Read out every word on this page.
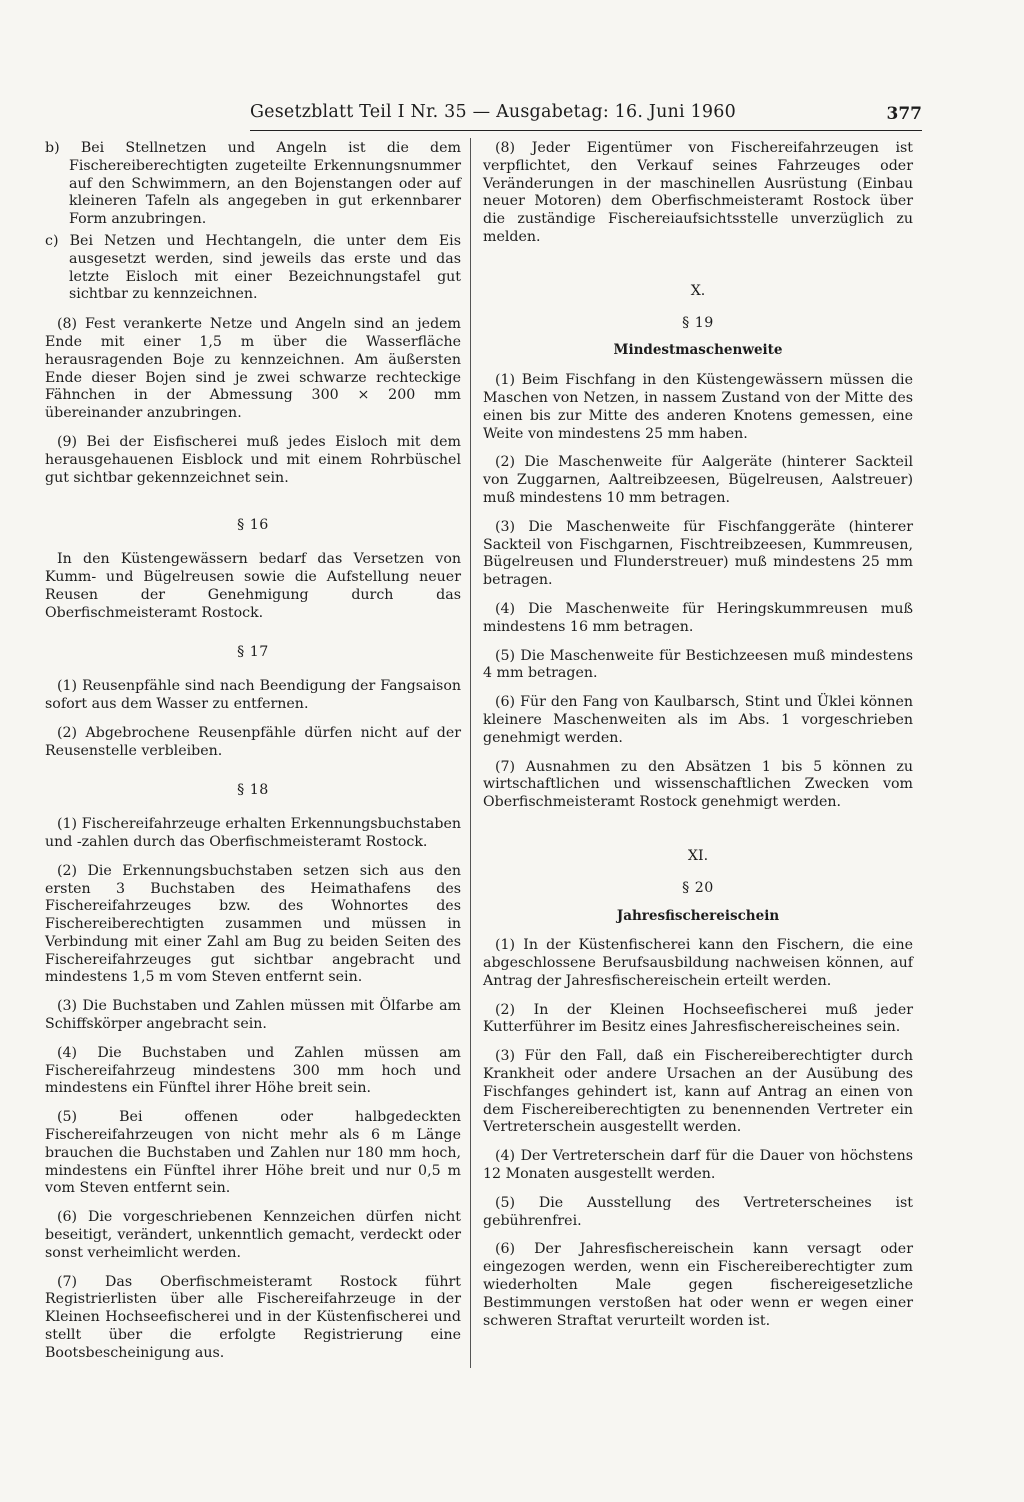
Gesetzblatt Teil I Nr. 35 — Ausgabetag: 16. Juni 1960	377

b) Bei Stellnetzen und Angeln ist die dem Fischereiberechtigten zugeteilte Erkennungsnummer auf den Schwimmern, an den Bojenstangen oder auf kleineren Tafeln als angegeben in gut erkennbarer Form anzubringen.

c) Bei Netzen und Hechtangeln, die unter dem Eis ausgesetzt werden, sind jeweils das erste und das letzte Eisloch mit einer Bezeichnungstafel gut sichtbar zu kennzeichnen.

(8) Fest verankerte Netze und Angeln sind an jedem Ende mit einer 1,5 m über die Wasserfläche herausragenden Boje zu kennzeichnen. Am äußersten Ende dieser Bojen sind je zwei schwarze rechteckige Fähnchen in der Abmessung 300 × 200 mm übereinander anzubringen.

(9) Bei der Eisfischerei muß jedes Eisloch mit dem herausgehauenen Eisblock und mit einem Rohrbüschel gut sichtbar gekennzeichnet sein.

§ 16

In den Küstengewässern bedarf das Versetzen von Kumm- und Bügelreusen sowie die Aufstellung neuer Reusen der Genehmigung durch das Oberfischmeisteramt Rostock.

§ 17

(1) Reusenpfähle sind nach Beendigung der Fangsaison sofort aus dem Wasser zu entfernen.

(2) Abgebrochene Reusenpfähle dürfen nicht auf der Reusenstelle verbleiben.

§ 18

(1) Fischereifahrzeuge erhalten Erkennungsbuchstaben und -zahlen durch das Oberfischmeisteramt Rostock.

(2) Die Erkennungsbuchstaben setzen sich aus den ersten 3 Buchstaben des Heimathafens des Fischereifahrzeuges bzw. des Wohnortes des Fischereiberechtigten zusammen und müssen in Verbindung mit einer Zahl am Bug zu beiden Seiten des Fischereifahrzeuges gut sichtbar angebracht und mindestens 1,5 m vom Steven entfernt sein.

(3) Die Buchstaben und Zahlen müssen mit Ölfarbe am Schiffskörper angebracht sein.

(4) Die Buchstaben und Zahlen müssen am Fischereifahrzeug mindestens 300 mm hoch und mindestens ein Fünftel ihrer Höhe breit sein.

(5) Bei offenen oder halbgedeckten Fischereifahrzeugen von nicht mehr als 6 m Länge brauchen die Buchstaben und Zahlen nur 180 mm hoch, mindestens ein Fünftel ihrer Höhe breit und nur 0,5 m vom Steven entfernt sein.

(6) Die vorgeschriebenen Kennzeichen dürfen nicht beseitigt, verändert, unkenntlich gemacht, verdeckt oder sonst verheimlicht werden.

(7) Das Oberfischmeisteramt Rostock führt Registrierlisten über alle Fischereifahrzeuge in der Kleinen Hochseefischerei und in der Küstenfischerei und stellt über die erfolgte Registrierung eine Bootsbescheinigung aus.

(8) Jeder Eigentümer von Fischereifahrzeugen ist verpflichtet, den Verkauf seines Fahrzeuges oder Veränderungen in der maschinellen Ausrüstung (Einbau neuer Motoren) dem Oberfischmeisteramt Rostock über die zuständige Fischereiaufsichtsstelle unverzüglich zu melden.

X.
§ 19
Mindestmaschenweite

(1) Beim Fischfang in den Küstengewässern müssen die Maschen von Netzen, in nassem Zustand von der Mitte des einen bis zur Mitte des anderen Knotens gemessen, eine Weite von mindestens 25 mm haben.

(2) Die Maschenweite für Aalgeräte (hinterer Sackteil von Zuggarnen, Aaltreibzeesen, Bügelreusen, Aalstreuer) muß mindestens 10 mm betragen.

(3) Die Maschenweite für Fischfanggeräte (hinterer Sackteil von Fischgarnen, Fischtreibzeesen, Kummreusen, Bügelreusen und Flunderstreuer) muß mindestens 25 mm betragen.

(4) Die Maschenweite für Heringskummreusen muß mindestens 16 mm betragen.

(5) Die Maschenweite für Bestichzeesen muß mindestens 4 mm betragen.

(6) Für den Fang von Kaulbarsch, Stint und Üklei können kleinere Maschenweiten als im Abs. 1 vorgeschrieben genehmigt werden.

(7) Ausnahmen zu den Absätzen 1 bis 5 können zu wirtschaftlichen und wissenschaftlichen Zwecken vom Oberfischmeisteramt Rostock genehmigt werden.

XI.
§ 20
Jahresfischereischein

(1) In der Küstenfischerei kann den Fischern, die eine abgeschlossene Berufsausbildung nachweisen können, auf Antrag der Jahresfischereischein erteilt werden.

(2) In der Kleinen Hochseefischerei muß jeder Kutterführer im Besitz eines Jahresfischereischeines sein.

(3) Für den Fall, daß ein Fischereiberechtigter durch Krankheit oder andere Ursachen an der Ausübung des Fischfanges gehindert ist, kann auf Antrag an einen von dem Fischereiberechtigten zu benennenden Vertreter ein Vertreterschein ausgestellt werden.

(4) Der Vertreterschein darf für die Dauer von höchstens 12 Monaten ausgestellt werden.

(5) Die Ausstellung des Vertreterscheines ist gebührenfrei.

(6) Der Jahresfischereischein kann versagt oder eingezogen werden, wenn ein Fischereiberechtigter zum wiederholten Male gegen fischereigesetzliche Bestimmungen verstoßen hat oder wenn er wegen einer schweren Straftat verurteilt worden ist.
